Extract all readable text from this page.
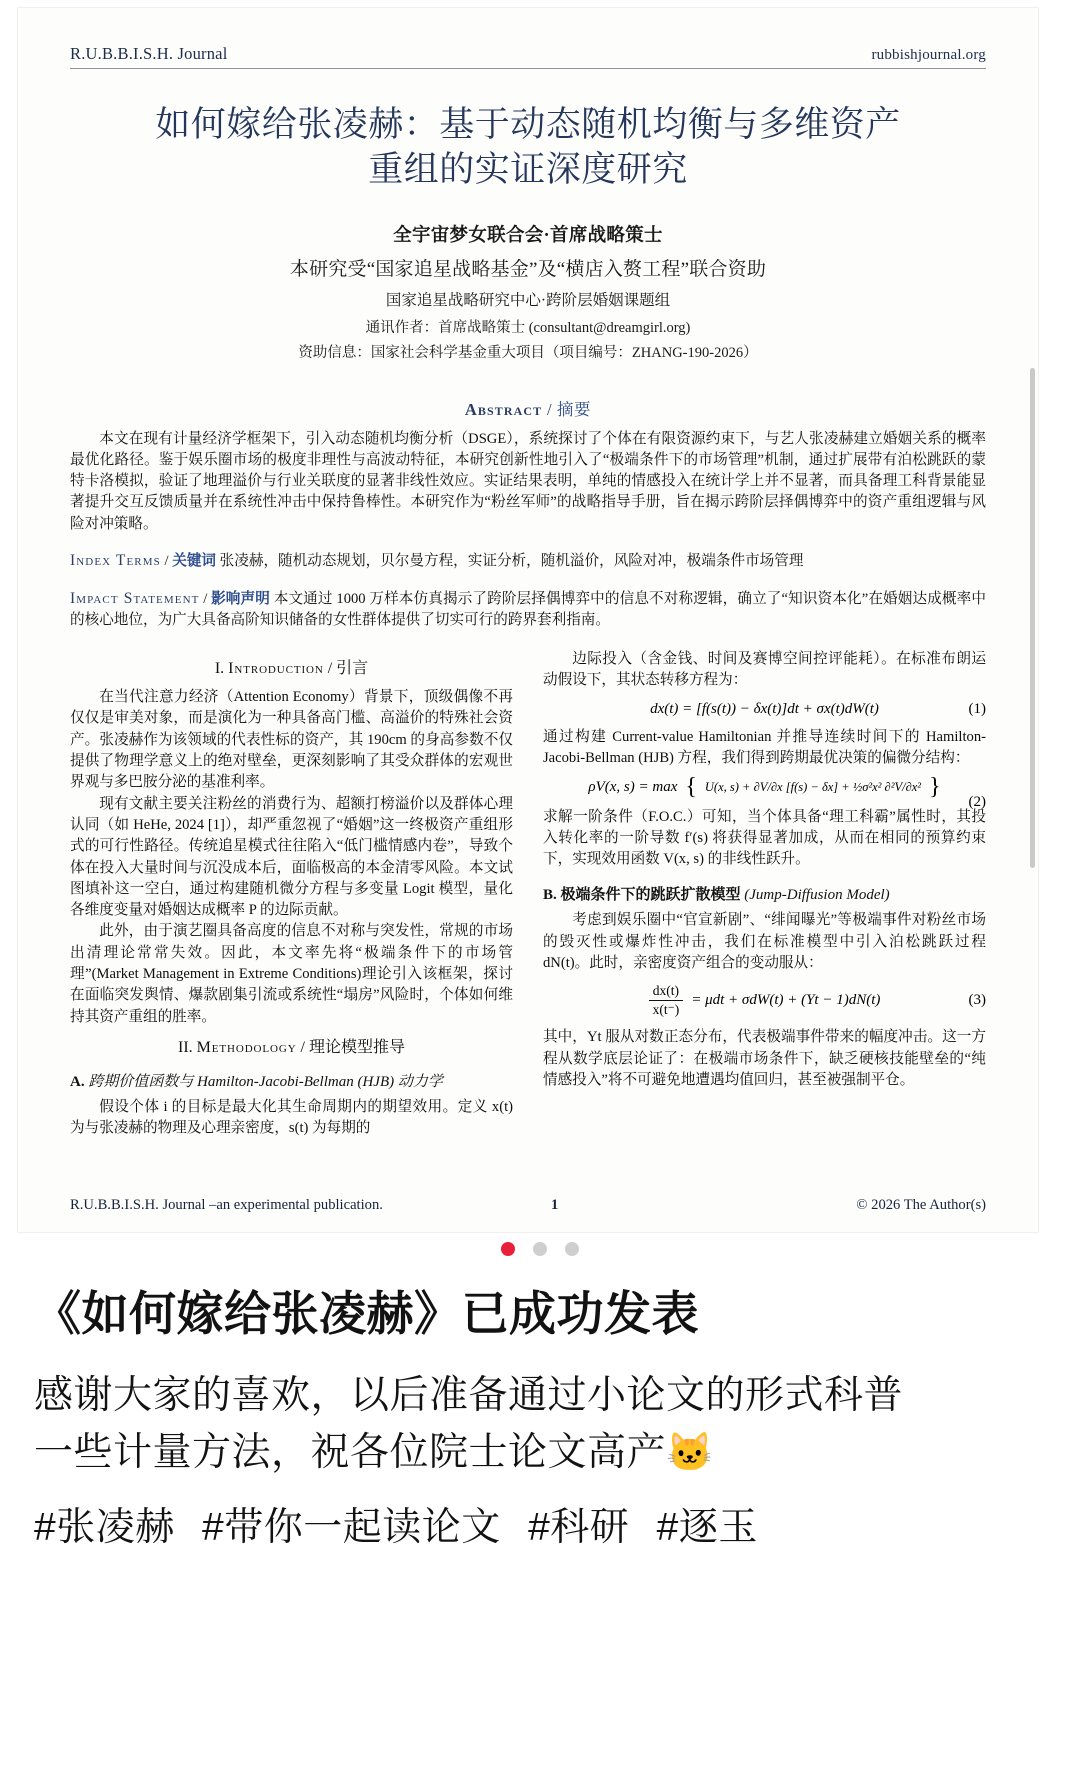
R.U.B.B.I.S.H. Journal	rubbishjournal.org
如何嫁给张凌赫：基于动态随机均衡与多维资产
重组的实证深度研究
全宇宙梦女联合会·首席战略策士
本研究受“国家追星战略基金”及“横店入赘工程”联合资助
国家追星战略研究中心·跨阶层婚姻课题组
通讯作者：首席战略策士 (consultant@dreamgirl.org)
资助信息：国家社会科学基金重大项目（项目编号：ZHANG-190-2026）
Abstract / 摘要

本文在现有计量经济学框架下，引入动态随机均衡分析（DSGE），系统探讨了个体在有限资源约束下，与艺人张凌赫建立婚姻关系的概率最优化路径。鉴于娱乐圈市场的极度非理性与高波动特征，本研究创新性地引入了“极端条件下的市场管理”机制，通过扩展带有泊松跳跃的蒙特卡洛模拟，验证了地理溢价与行业关联度的显著非线性效应。实证结果表明，单纯的情感投入在统计学上并不显著，而具备理工科背景能显著提升交互反馈质量并在系统性冲击中保持鲁棒性。本研究作为“粉丝军师”的战略指导手册，旨在揭示跨阶层择偶博弈中的资产重组逻辑与风险对冲策略。

Index Terms / 关键词 张凌赫，随机动态规划，贝尔曼方程，实证分析，随机溢价，风险对冲，极端条件市场管理
Impact Statement / 影响声明 本文通过 1000 万样本仿真揭示了跨阶层择偶博弈中的信息不对称逻辑，确立了“知识资本化”在婚姻达成概率中的核心地位，为广大具备高阶知识储备的女性群体提供了切实可行的跨界套利指南。
I. Introduction / 引言

在当代注意力经济（Attention Economy）背景下，顶级偶像不再仅仅是审美对象，而是演化为一种具备高门槛、高溢价的特殊社会资产。张凌赫作为该领域的代表性标的资产，其 190cm 的身高参数不仅提供了物理学意义上的绝对壁垒，更深刻影响了其受众群体的宏观世界观与多巴胺分泌的基准利率。

现有文献主要关注粉丝的消费行为、超额打榜溢价以及群体心理认同（如 HeHe, 2024 [1]），却严重忽视了“婚姻”这一终极资产重组形式的可行性路径。传统追星模式往往陷入“低门槛情感内卷”，导致个体在投入大量时间与沉没成本后，面临极高的本金清零风险。本文试图填补这一空白，通过构建随机微分方程与多变量 Logit 模型，量化各维度变量对婚姻达成概率 P 的边际贡献。

此外，由于演艺圈具备高度的信息不对称与突发性，常规的市场出清理论常常失效。因此，本文率先将“极端条件下的市场管理”(Market Management in Extreme Conditions)理论引入该框架，探讨在面临突发舆情、爆款剧集引流或系统性“塌房”风险时，个体如何维持其资产重组的胜率。

II. Methodology / 理论模型推导
A. 跨期价值函数与 Hamilton-Jacobi-Bellman (HJB) 动力学

假设个体 i 的目标是最大化其生命周期内的期望效用。定义 x(t) 为与张凌赫的物理及心理亲密度，s(t) 为每期的

边际投入（含金钱、时间及赛博空间控评能耗）。在标准布朗运动假设下，其状态转移方程为：

dx(t) = [f(s(t)) − δx(t)]dt + σx(t)dW(t)	(1)

通过构建 Current-value Hamiltonian 并推导连续时间下的 Hamilton-Jacobi-Bellman (HJB) 方程，我们得到跨期最优决策的偏微分结构：

ρV(x, s) = max { U(x, s) + ∂V/∂x [f(s) − δx] + ½σ²x² ∂²V/∂x² }
(2)

求解一阶条件（F.O.C.）可知，当个体具备“理工科霸”属性时，其投入转化率的一阶导数 f′(s) 将获得显著加成，从而在相同的预算约束下，实现效用函数 V(x, s) 的非线性跃升。

B. 极端条件下的跳跃扩散模型 (Jump-Diffusion Model)

考虑到娱乐圈中“官宣新剧”、“绯闻曝光”等极端事件对粉丝市场的毁灭性或爆炸性冲击，我们在标准模型中引入泊松跳跃过程 dN(t)。此时，亲密度资产组合的变动服从：

$\frac{dx(t)}{x(t^-)} = \mu dt + \sigma dW(t) + (Yt - 1)dN(t)$	(3)

其中，Yt 服从对数正态分布，代表极端事件带来的幅度冲击。这一方程从数学底层论证了：在极端市场条件下，缺乏硬核技能壁垒的“纯情感投入”将不可避免地遭遇均值回归，甚至被强制平仓。

R.U.B.B.I.S.H. Journal –an experimental publication.	1	© 2026 The Author(s)
《如何嫁给张凌赫》已成功发表

感谢大家的喜欢，以后准备通过小论文的形式科普

一些计量方法，祝各位院士论文高产🐱

#张凌赫 #带你一起读论文 #科研 #逐玉
